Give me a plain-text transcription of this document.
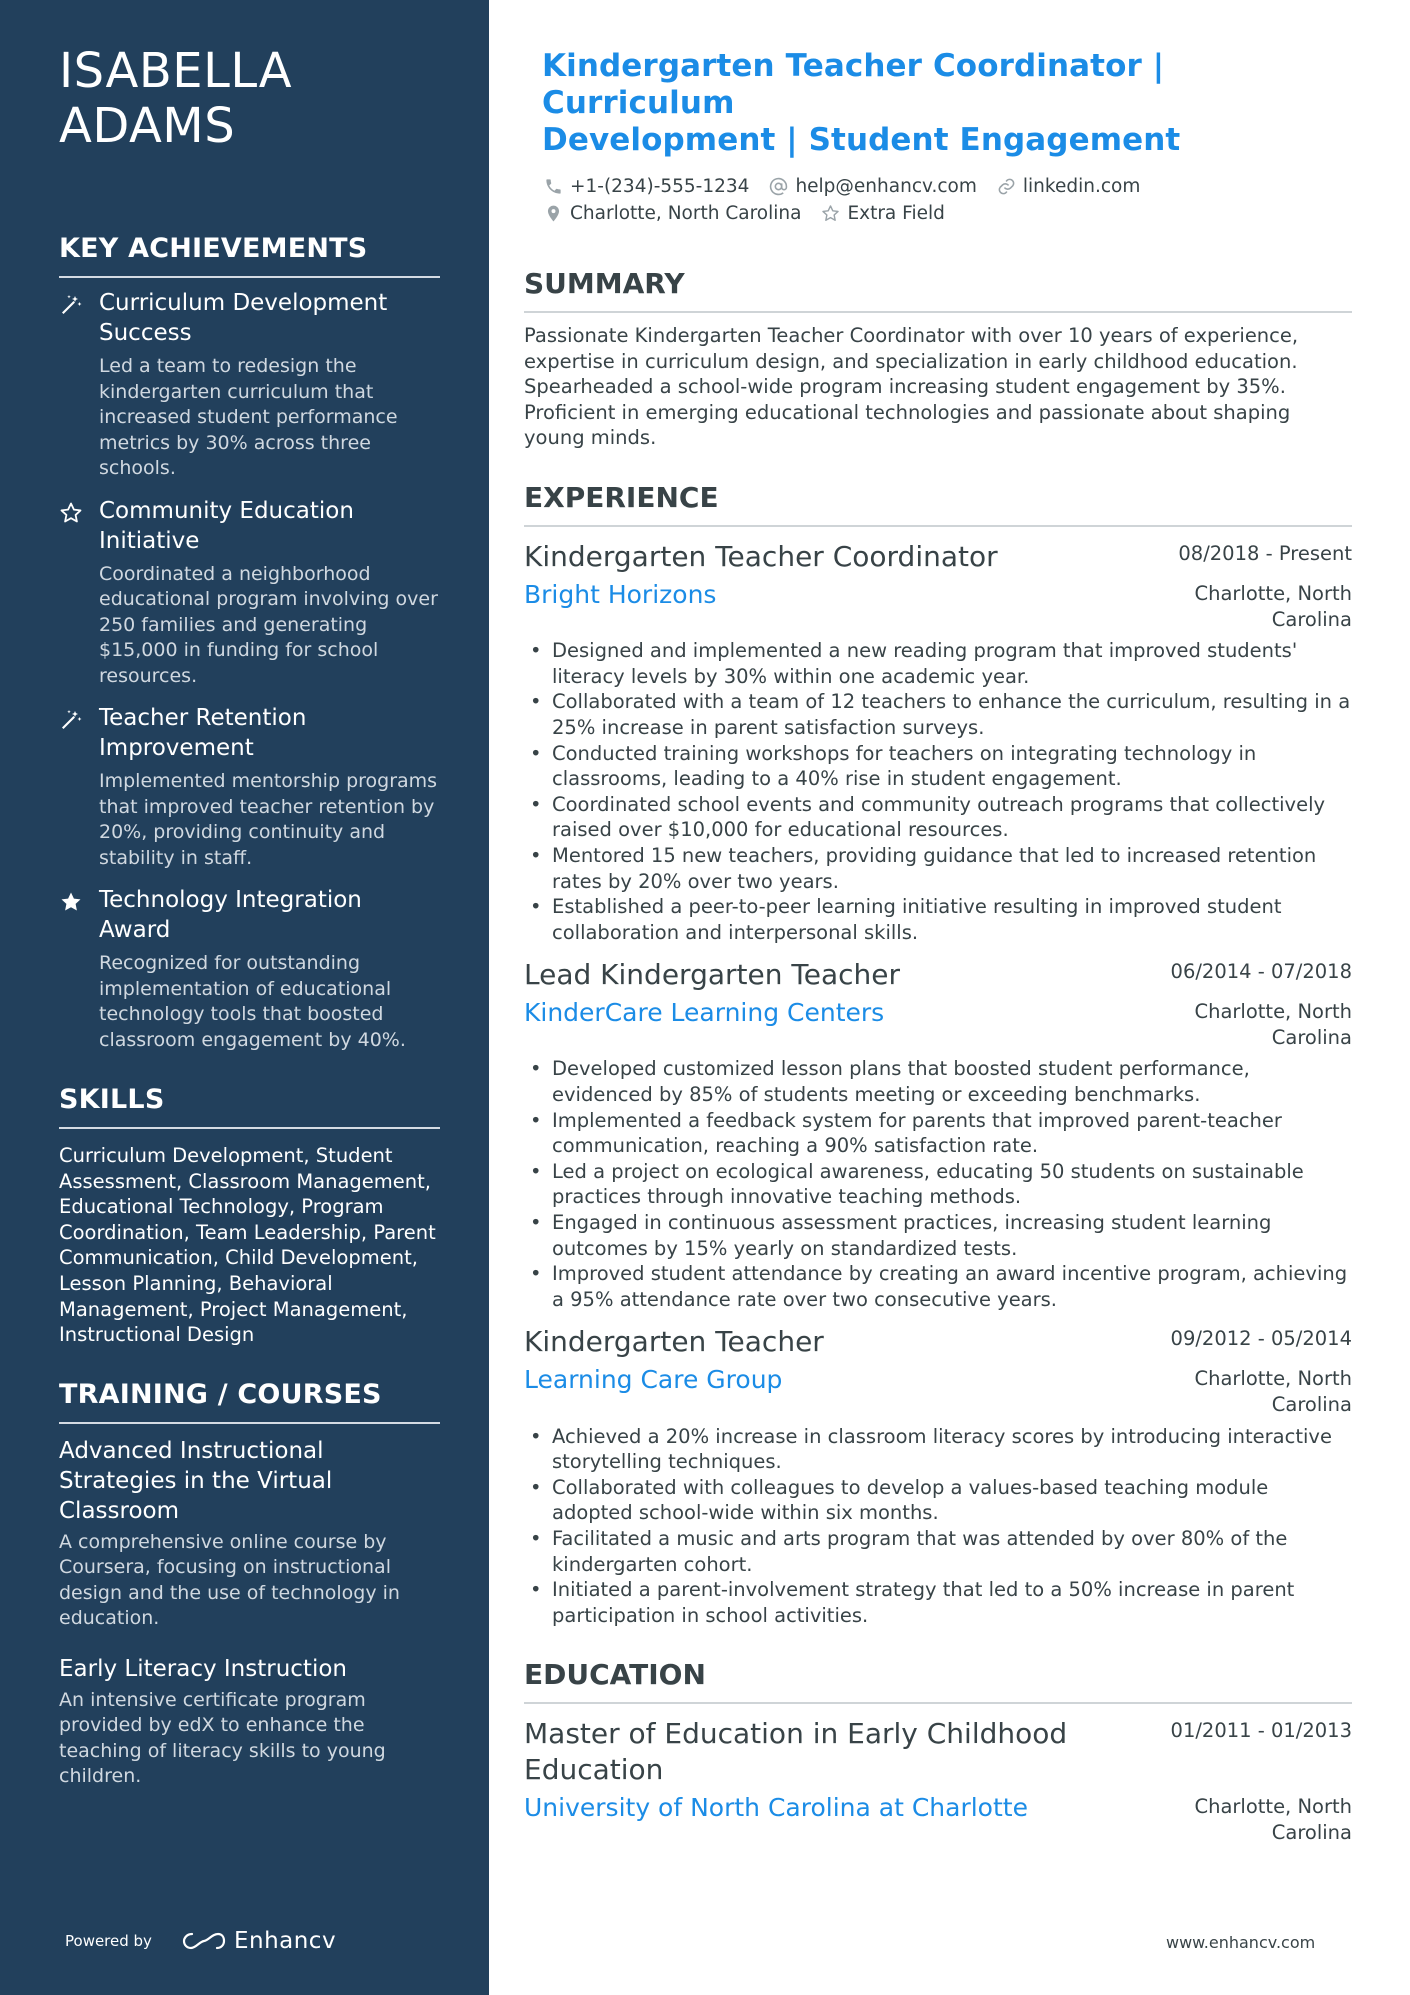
ISABELLA
ADAMS
KEY ACHIEVEMENTS
Curriculum Development Success
Led a team to redesign the kindergarten curriculum that increased student performance metrics by 30% across three schools.
Community Education Initiative
Coordinated a neighborhood educational program involving over 250 families and generating $15,000 in funding for school resources.
Teacher Retention Improvement
Implemented mentorship programs that improved teacher retention by 20%, providing continuity and stability in staff.
Technology Integration Award
Recognized for outstanding implementation of educational technology tools that boosted classroom engagement by 40%.
SKILLS

Curriculum Development, Student Assessment, Classroom Management, Educational Technology, Program Coordination, Team Leadership, Parent Communication, Child Development, Lesson Planning, Behavioral Management, Project Management, Instructional Design

TRAINING / COURSES
Advanced Instructional Strategies in the Virtual Classroom
A comprehensive online course by Coursera, focusing on instructional design and the use of technology in education.
Early Literacy Instruction
An intensive certificate program provided by edX to enhance the teaching of literacy skills to young children.
Powered by	Enhancv
Kindergarten Teacher Coordinator | Curriculum
Development | Student Engagement
+1-(234)-555-1234 help@enhancv.com linkedin.com
Charlotte, North Carolina Extra Field
SUMMARY

Passionate Kindergarten Teacher Coordinator with over 10 years of experience, expertise in curriculum design, and specialization in early childhood education. Spearheaded a school-wide program increasing student engagement by 35%. Proficient in emerging educational technologies and passionate about shaping young minds.

EXPERIENCE
Kindergarten Teacher Coordinator	08/2018 - Present
Bright Horizons	Charlotte, North Carolina
• Designed and implemented a new reading program that improved students' literacy levels by 30% within one academic year.
• Collaborated with a team of 12 teachers to enhance the curriculum, resulting in a 25% increase in parent satisfaction surveys.
• Conducted training workshops for teachers on integrating technology in classrooms, leading to a 40% rise in student engagement.
• Coordinated school events and community outreach programs that collectively raised over $10,000 for educational resources.
• Mentored 15 new teachers, providing guidance that led to increased retention rates by 20% over two years.
• Established a peer-to-peer learning initiative resulting in improved student collaboration and interpersonal skills.
Lead Kindergarten Teacher	06/2014 - 07/2018
KinderCare Learning Centers	Charlotte, North Carolina
• Developed customized lesson plans that boosted student performance, evidenced by 85% of students meeting or exceeding benchmarks.
• Implemented a feedback system for parents that improved parent-teacher communication, reaching a 90% satisfaction rate.
• Led a project on ecological awareness, educating 50 students on sustainable practices through innovative teaching methods.
• Engaged in continuous assessment practices, increasing student learning outcomes by 15% yearly on standardized tests.
• Improved student attendance by creating an award incentive program, achieving a 95% attendance rate over two consecutive years.
Kindergarten Teacher	09/2012 - 05/2014
Learning Care Group	Charlotte, North Carolina
• Achieved a 20% increase in classroom literacy scores by introducing interactive storytelling techniques.
• Collaborated with colleagues to develop a values-based teaching module adopted school-wide within six months.
• Facilitated a music and arts program that was attended by over 80% of the kindergarten cohort.
• Initiated a parent-involvement strategy that led to a 50% increase in parent participation in school activities.
EDUCATION
Master of Education in Early Childhood Education
01/2011 - 01/2013
University of North Carolina at Charlotte	Charlotte, North Carolina
www.enhancv.com
